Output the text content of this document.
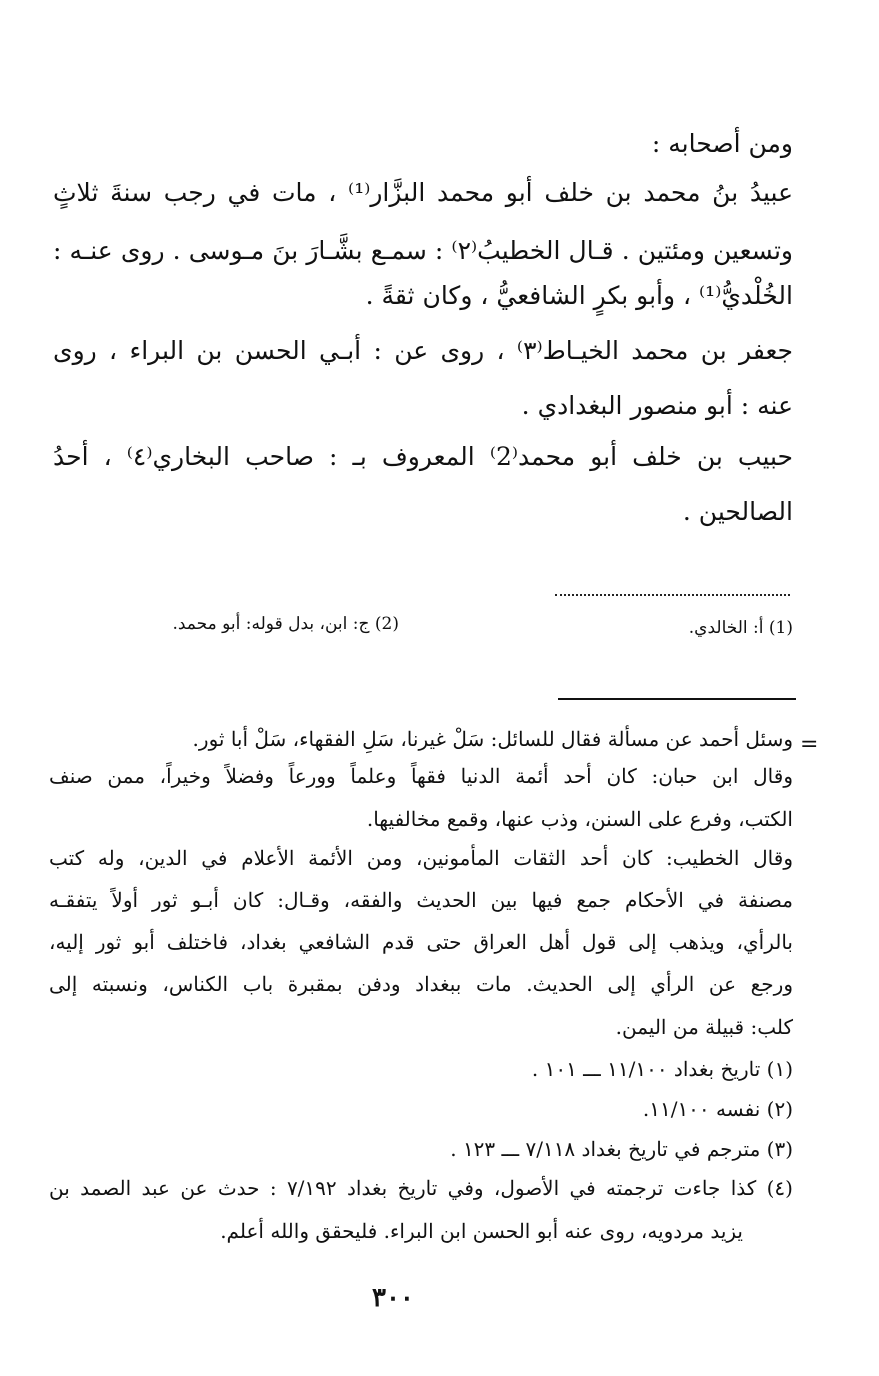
ومن أصحابه :
عبيدُ بنُ محمد بن خلف أبو محمد البزَّار⁽¹⁾ ، مات في رجب سنةَ ثلاثٍ
وتسعين ومئتين . قـال الخطيبُ⁽٢⁾ : سمـع بشَّـارَ بنَ مـوسى . روى عنـه :
الخُلْديُّ⁽¹⁾ ، وأبو بكرٍ الشافعيُّ ، وكان ثقةً .
جعفر بن محمد الخيـاط⁽٣⁾ ، روى عن : أبـي الحسن بن البراء ، روى
عنه : أبو منصور البغدادي .
حبيب بن خلف أبو محمد⁽2⁾ المعروف بـ : صاحب البخاري⁽٤⁾ ، أحدُ
الصالحين .
(1) أ: الخالدي.
(2) ج: ابن، بدل قوله: أبو محمد.
=
وسئل أحمد عن مسألة فقال للسائل: سَلْ غيرنا، سَلِ الفقهاء، سَلْ أبا ثور.
وقال ابن حبان: كان أحد أئمة الدنيا فقهاً وعلماً وورعاً وفضلاً وخيراً، ممن صنف
الكتب، وفرع على السنن، وذب عنها، وقمع مخالفيها.
وقال الخطيب: كان أحد الثقات المأمونين، ومن الأئمة الأعلام في الدين، وله كتب
مصنفة في الأحكام جمع فيها بين الحديث والفقه، وقـال: كان أبـو ثور أولاً يتفقـه
بالرأي، ويذهب إلى قول أهل العراق حتى قدم الشافعي بغداد، فاختلف أبو ثور إليه،
ورجع عن الرأي إلى الحديث. مات ببغداد ودفن بمقبرة باب الكناس، ونسبته إلى
كلب: قبيلة من اليمن.
(١) تاريخ بغداد ١١/١٠٠ ـــ ١٠١ .
(٢) نفسه ١١/١٠٠.
(٣) مترجم في تاريخ بغداد ٧/١١٨ ـــ ١٢٣ .
(٤) كذا جاءت ترجمته في الأصول، وفي تاريخ بغداد ٧/١٩٢ : حدث عن عبد الصمد بن
يزيد مردويه، روى عنه أبو الحسن ابن البراء. فليحقق والله أعلم.
٣٠٠
